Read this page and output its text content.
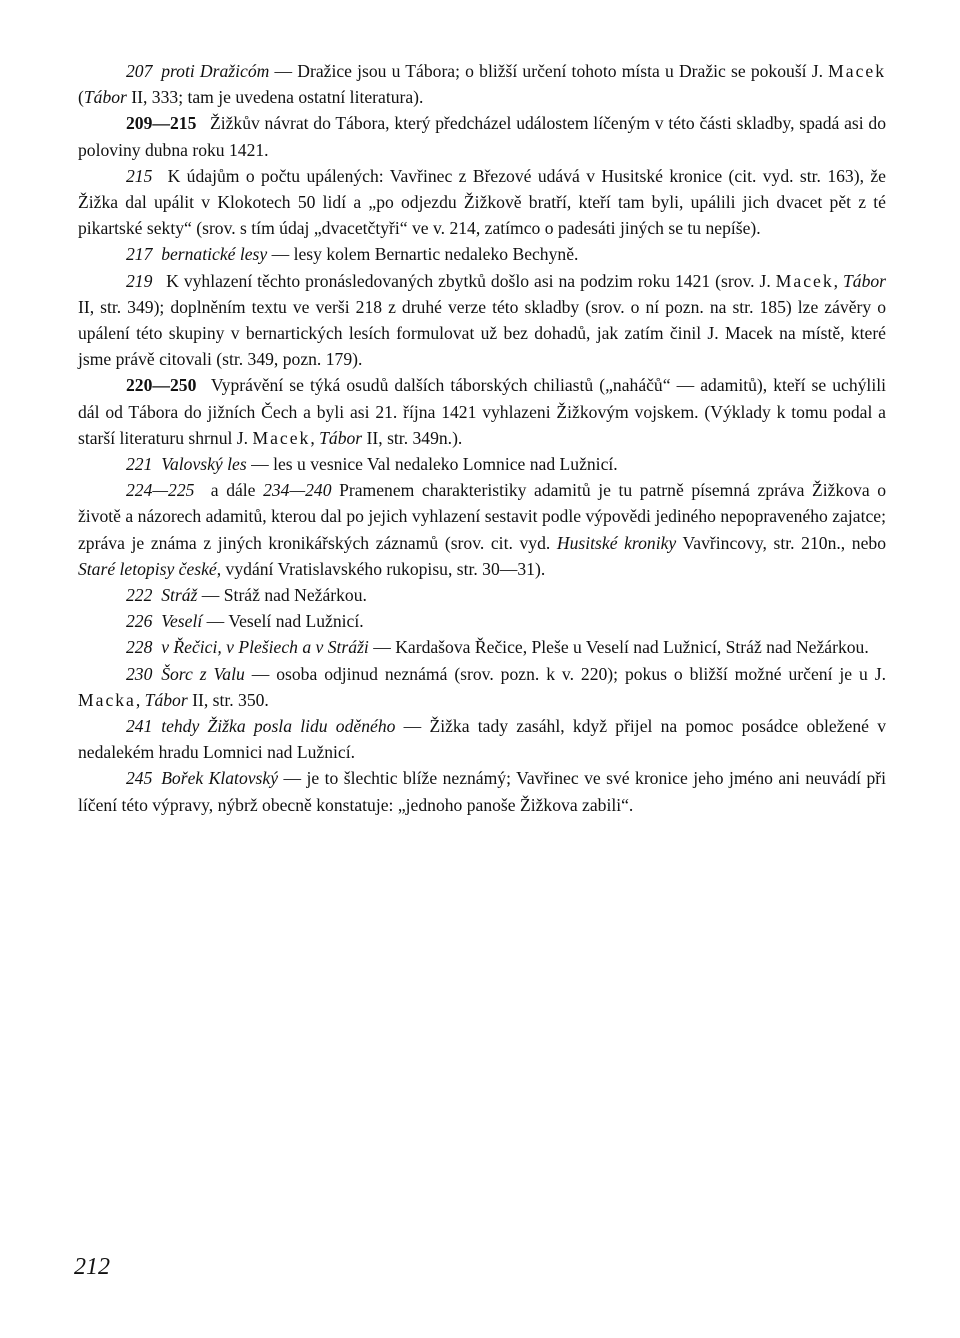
207  proti Dražicóm — Dražice jsou u Tábora; o bližší určení tohoto místa u Dražic se pokouší J. Macek (Tábor II, 333; tam je uvedena ostatní literatura).

209—215  Žižkův návrat do Tábora, který předcházel událostem líčeným v této části skladby, spadá asi do poloviny dubna roku 1421.

215  K údajům o počtu upálených: Vavřinec z Březové udává v Husitské kronice (cit. vyd. str. 163), že Žižka dal upálit v Klokotech 50 lidí a „po odjezdu Žižkově bratří, kteří tam byli, upálili jich dvacet pět z té pikartské sekty“ (srov. s tím údaj „dvacetčtyři“ ve v. 214, zatímco o padesáti jiných se tu nepíše).

217  bernatické lesy — lesy kolem Bernartic nedaleko Bechyně.

219  K vyhlazení těchto pronásledovaných zbytků došlo asi na podzim roku 1421 (srov. J. Macek, Tábor II, str. 349); doplněním textu ve verši 218 z druhé verze této skladby (srov. o ní pozn. na str. 185) lze závěry o upálení této skupiny v bernartických lesích formulovat už bez dohadů, jak zatím činil J. Macek na místě, které jsme právě citovali (str. 349, pozn. 179).

220—250  Vyprávění se týká osudů dalších táborských chiliastů („naháčů“ — adamitů), kteří se uchýlili dál od Tábora do jižních Čech a byli asi 21. října 1421 vyhlazeni Žižkovým vojskem. (Výklady k tomu podal a starší literaturu shrnul J. Macek, Tábor II, str. 349n.).

221  Valovský les — les u vesnice Val nedaleko Lomnice nad Lužnicí.

224—225  a dále 234—240 Pramenem charakteristiky adamitů je tu patrně písemná zpráva Žižkova o životě a názorech adamitů, kterou dal po jejich vyhlazení sestavit podle výpovědi jediného nepopraveného zajatce; zpráva je známa z jiných kronikářských záznamů (srov. cit. vyd. Husitské kroniky Vavřincovy, str. 210n., nebo Staré letopisy české, vydání Vratislavského rukopisu, str. 30—31).

222  Stráž — Stráž nad Nežárkou.

226  Veselí — Veselí nad Lužnicí.

228  v Řečici, v Plešiech a v Stráži — Kardašova Řečice, Pleše u Veselí nad Lužnicí, Stráž nad Nežárkou.

230  Šorc z Valu — osoba odjinud neznámá (srov. pozn. k v. 220); pokus o bližší možné určení je u J. Macka, Tábor II, str. 350.

241  tehdy Žižka posla lidu oděného — Žižka tady zasáhl, když přijel na pomoc posádce obležené v nedalekém hradu Lomnici nad Lužnicí.

245  Bořek Klatovský — je to šlechtic blíže neznámý; Vavřinec ve své kronice jeho jméno ani neuvádí při líčení této výpravy, nýbrž obecně konstatuje: „jednoho panoše Žižkova zabili“.

212
